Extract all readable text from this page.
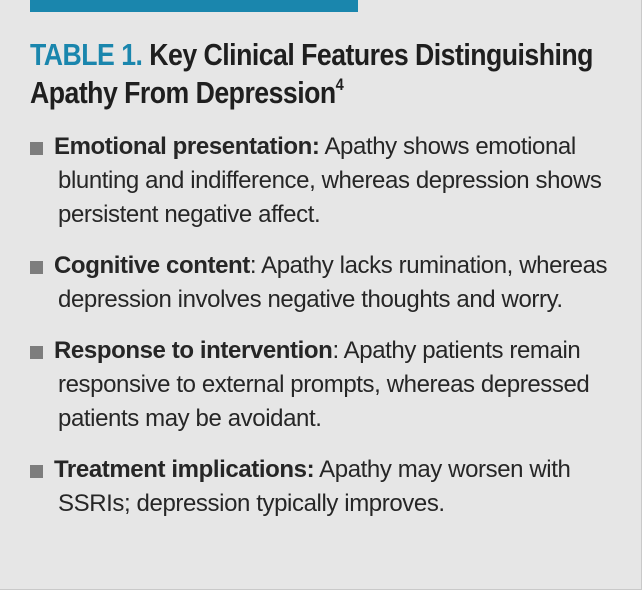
TABLE 1. Key Clinical Features Distinguishing Apathy From Depression$^4$
Emotional presentation: Apathy shows emotional blunting and indifference, whereas depression shows persistent negative affect.
Cognitive content: Apathy lacks rumination, whereas depression involves negative thoughts and worry.
Response to intervention: Apathy patients remain responsive to external prompts, whereas depressed patients may be avoidant.
Treatment implications: Apathy may worsen with SSRIs; depression typically improves.
